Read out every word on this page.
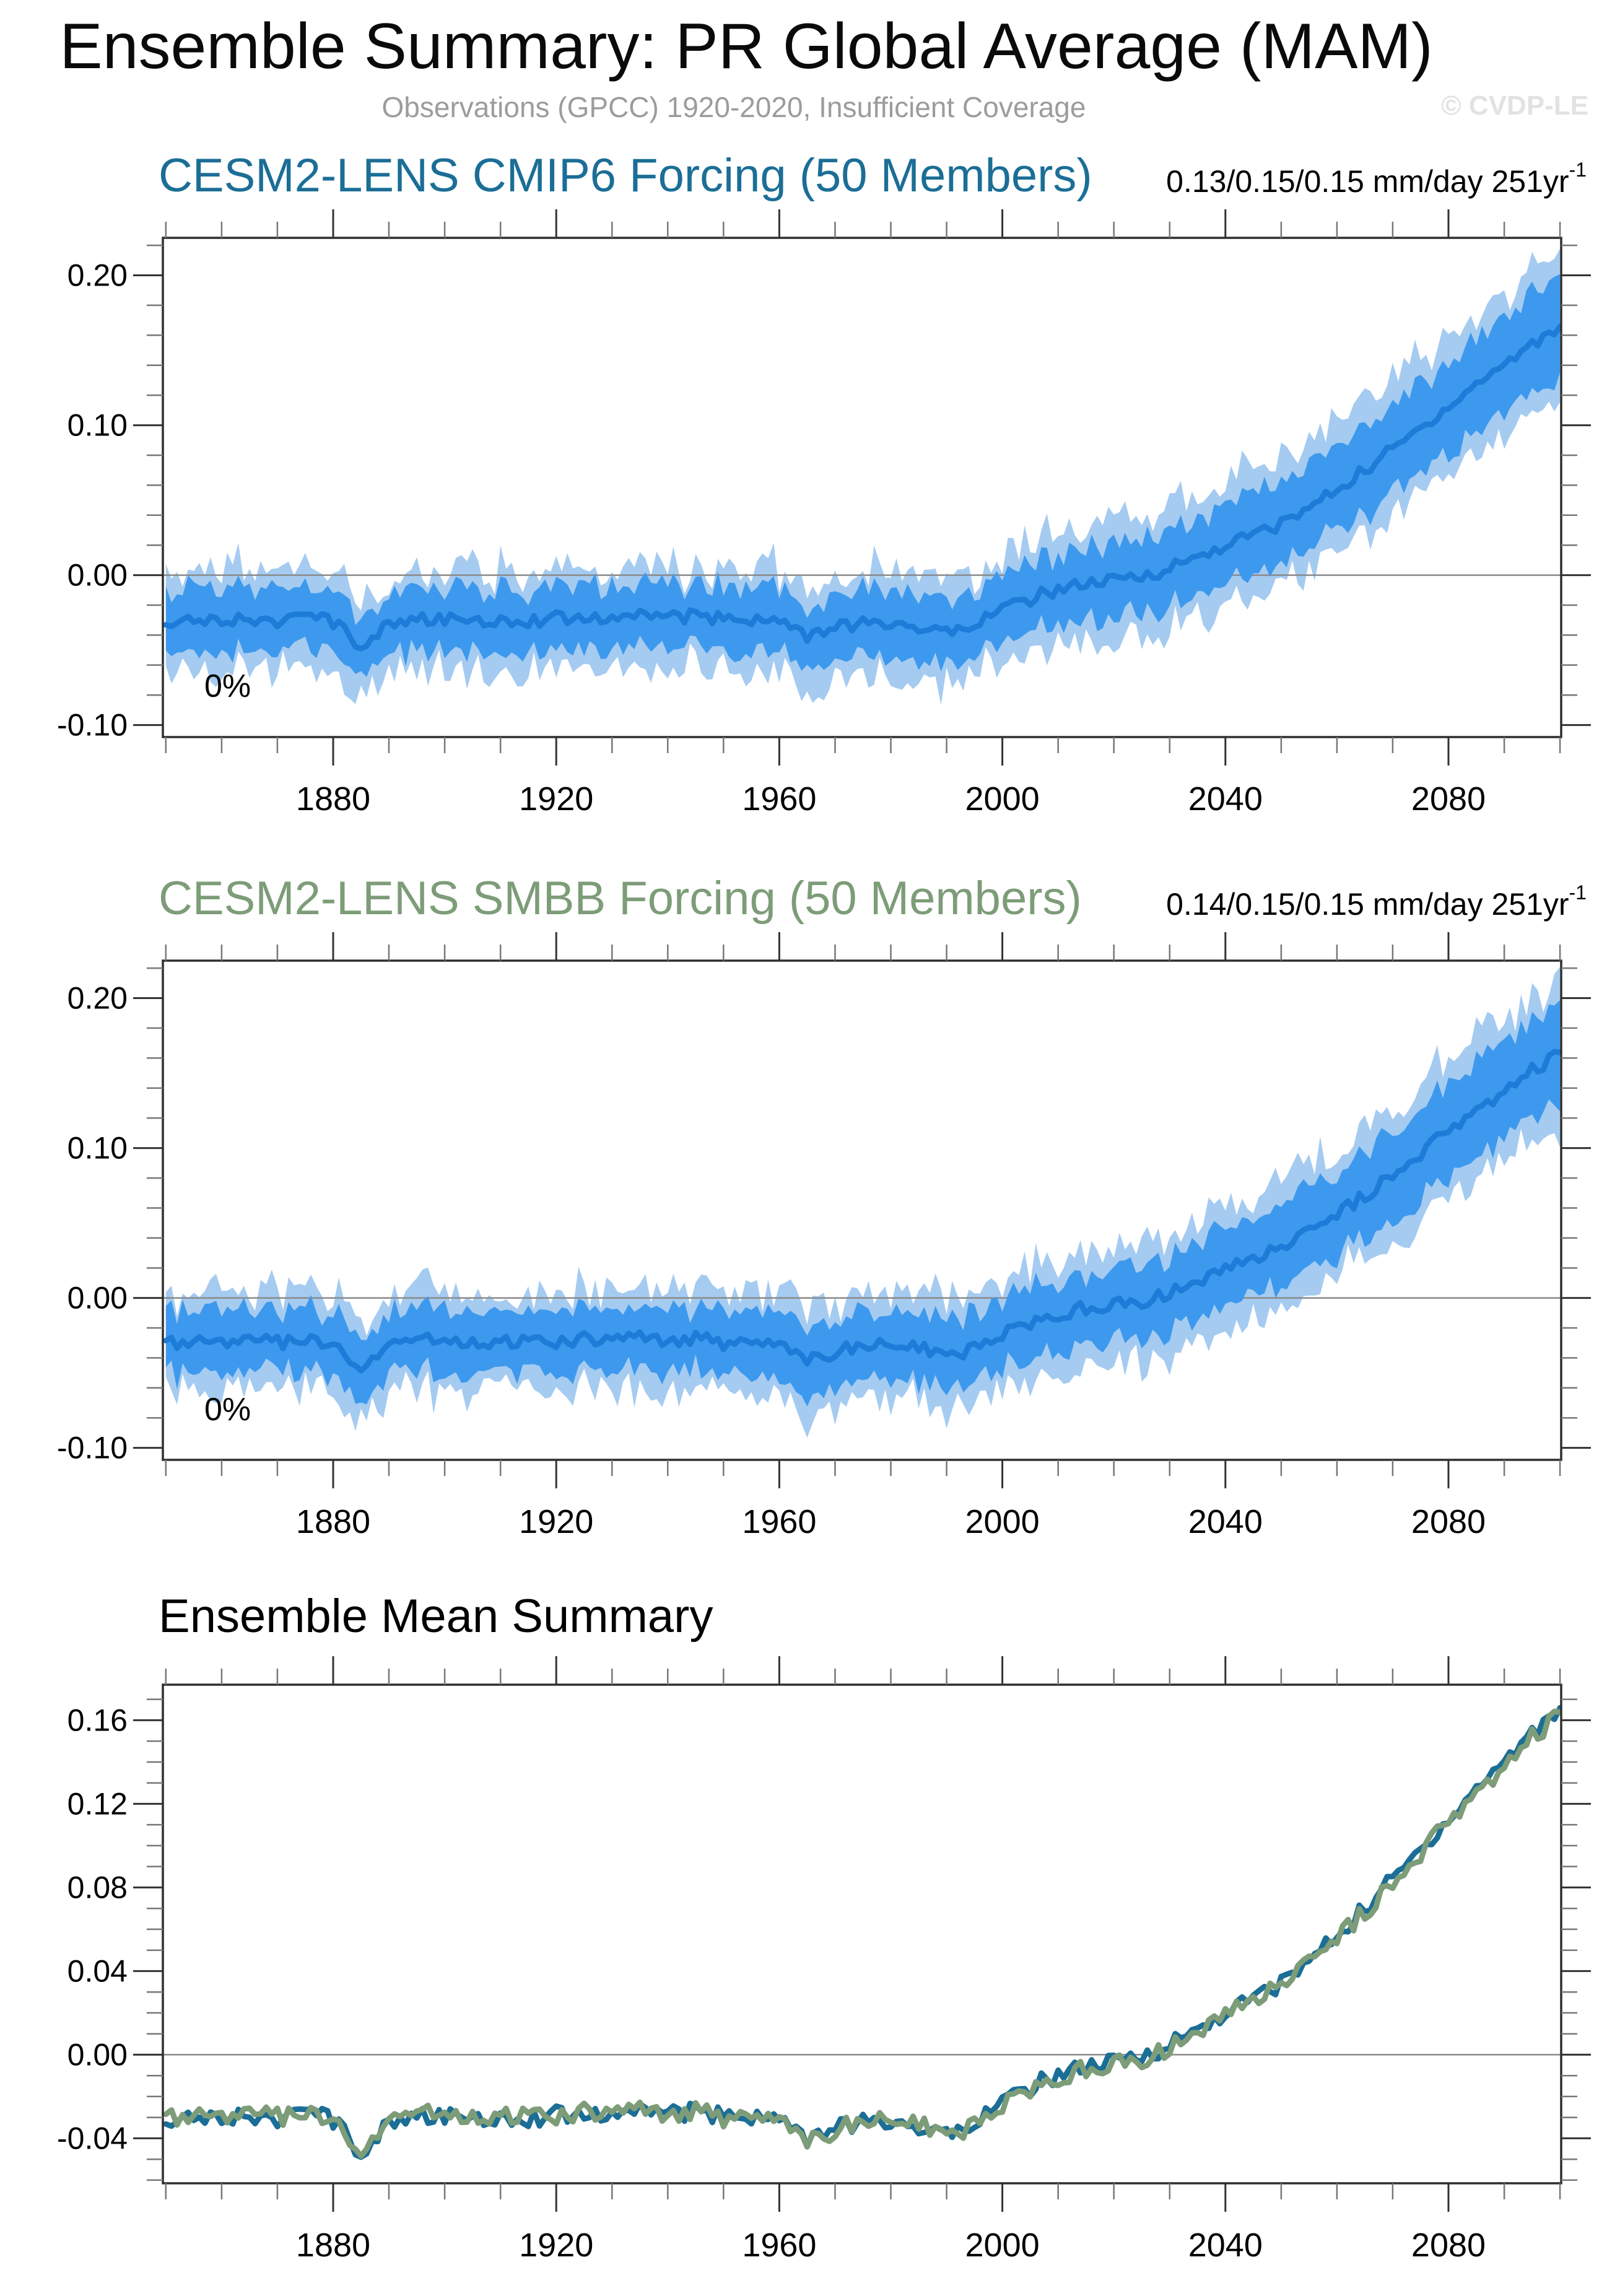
0.20
0.10
0.00
-0.10
1880	1920	1960	2000	2040	2080
0.20
0.10
0.00
-0.10
1880	1920	1960	2000	2040	2080
0.16
0.12
0.08
0.04
0.00
-0.04
1880	1920	1960	2000	2040	2080
Ensemble Summary: PR Global Average (MAM)
Observations (GPCC) 1920-2020, Insufficient Coverage	© CVDP-LE
CESM2-LENS CMIP6 Forcing (50 Members) 0.13/0.15/0.15 mm/day $251yr^{-1}$
0%
CESM2-LENS SMBB Forcing (50 Members)	0.14/0.15/0.15 mm/day $251yr^{-1}$
0%
Ensemble Mean Summary
